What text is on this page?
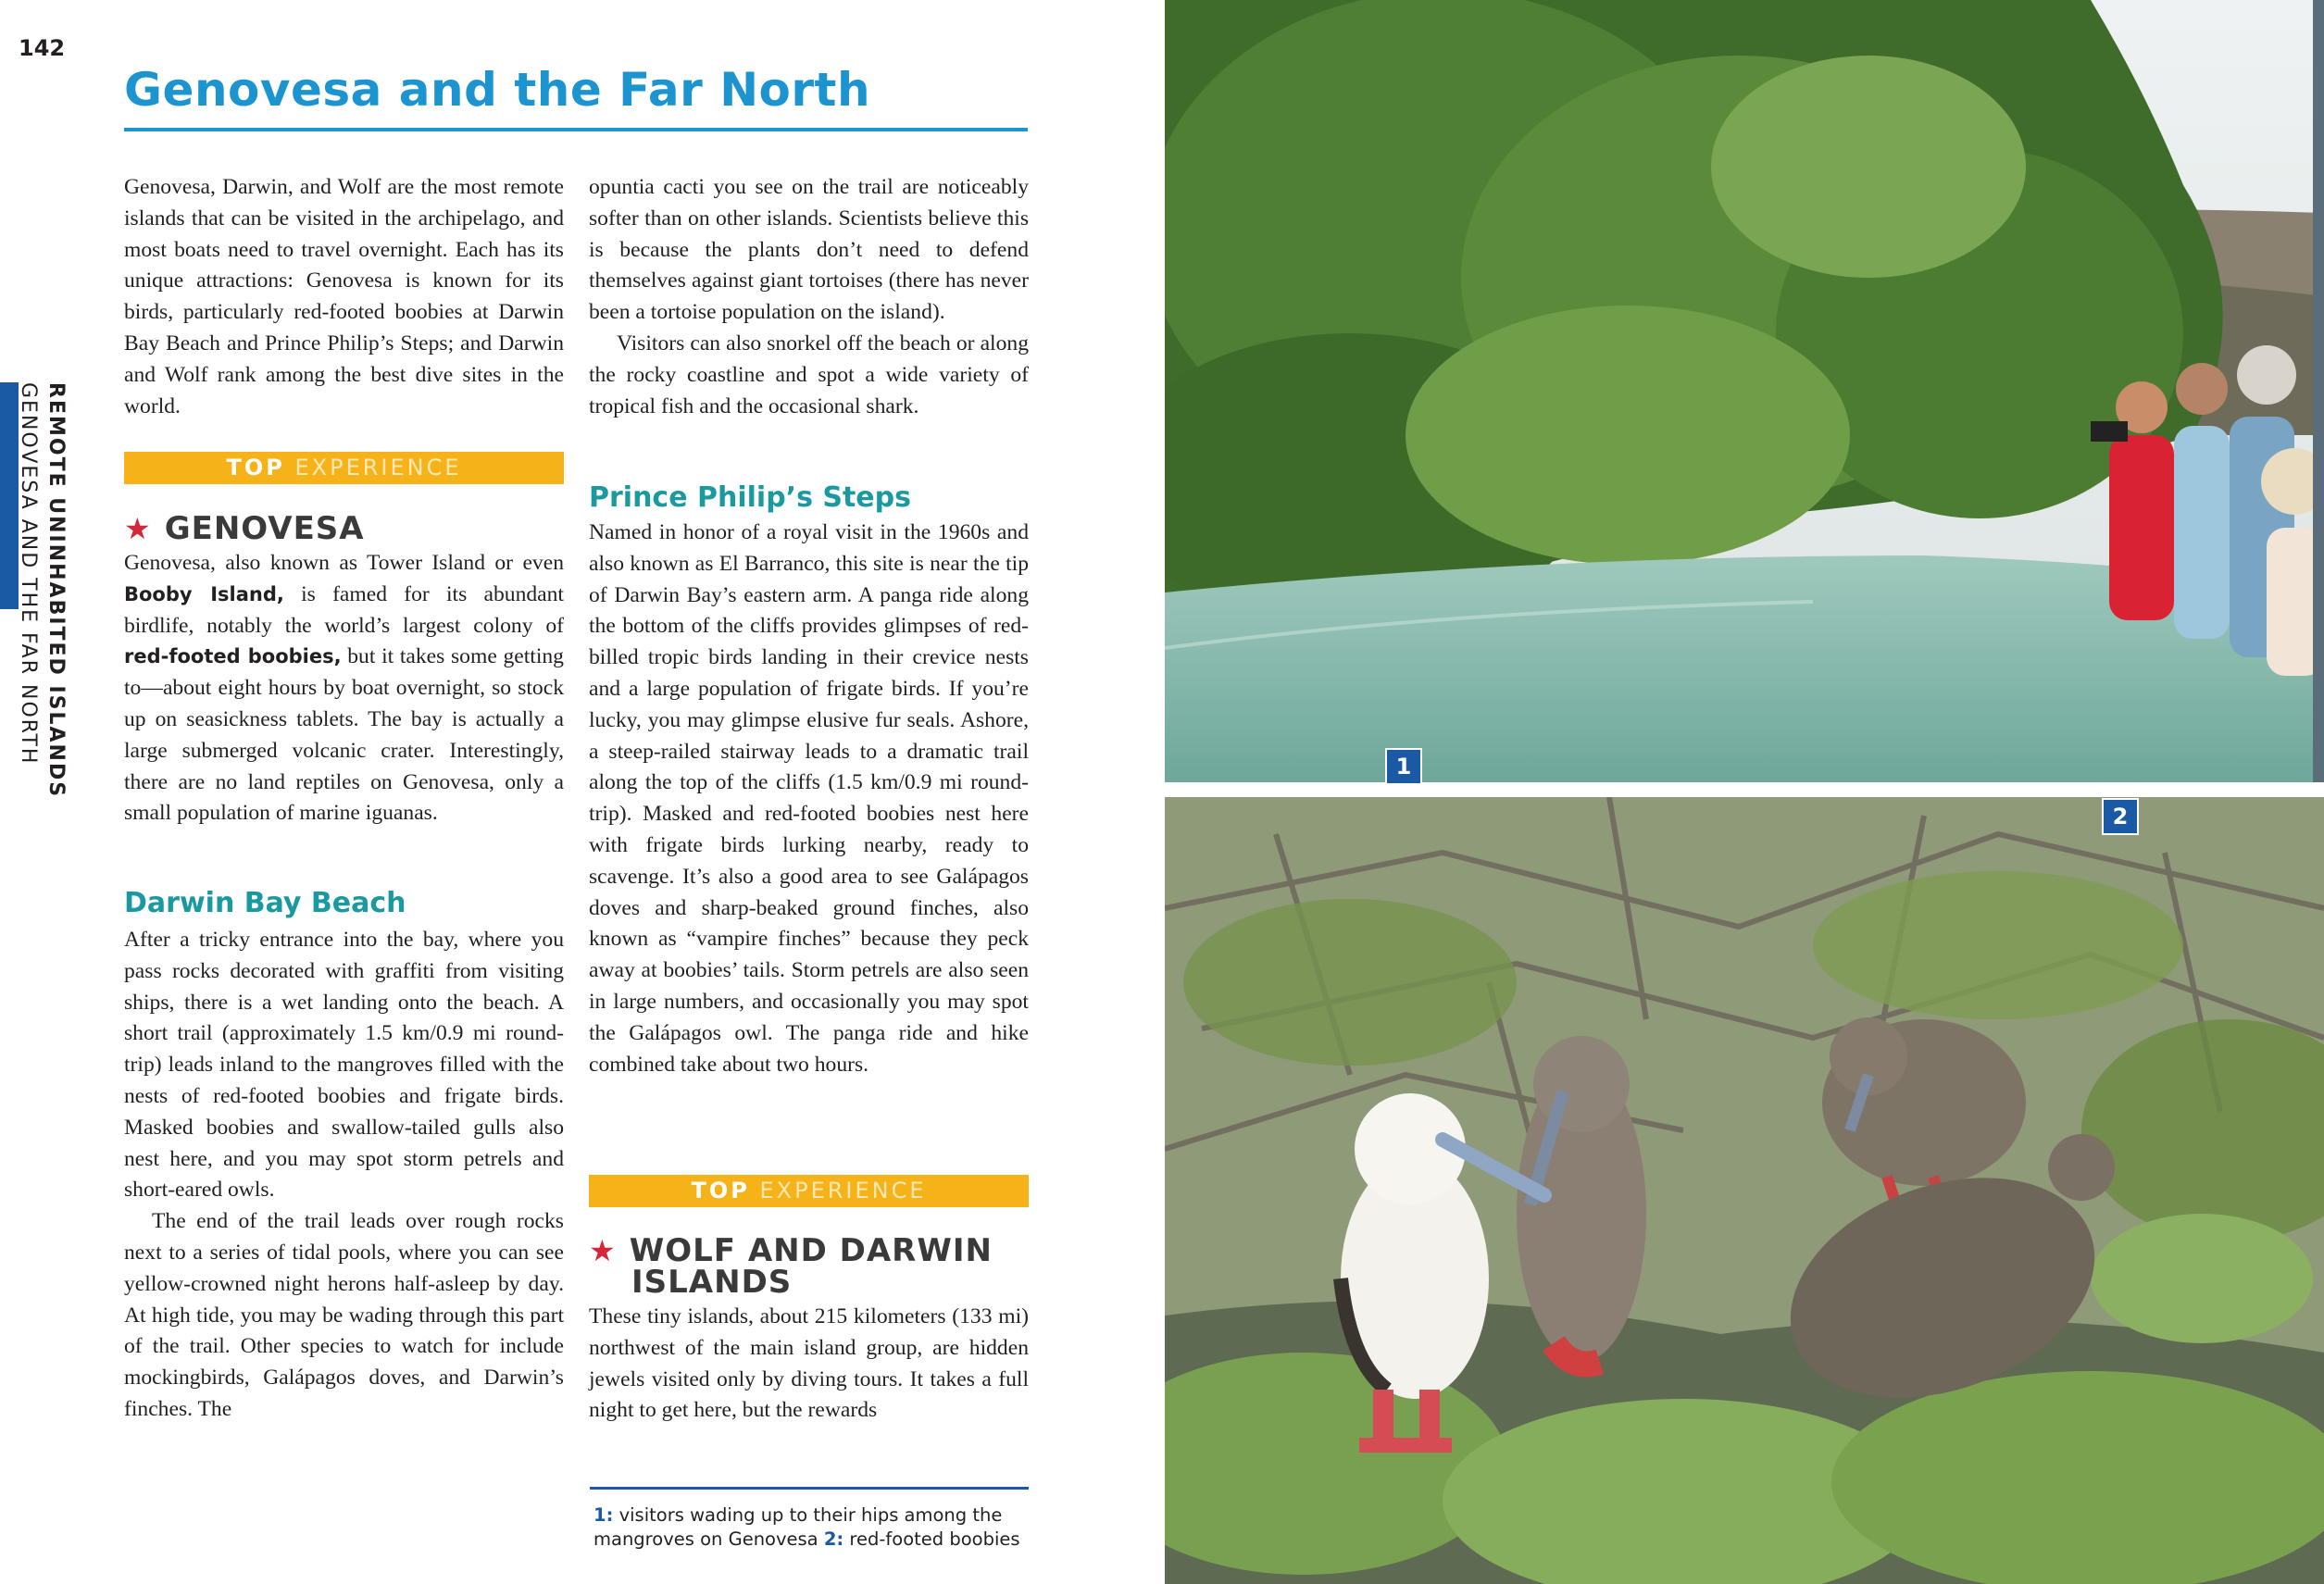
142
Genovesa and the Far North
REMOTE UNINHABITED ISLANDS
GENOVESA AND THE FAR NORTH

Genovesa, Darwin, and Wolf are the most remote islands that can be visited in the archipelago, and most boats need to travel overnight. Each has its unique attractions: Genovesa is known for its birds, particularly red-footed boobies at Darwin Bay Beach and Prince Philip’s Steps; and Darwin and Wolf rank among the best dive sites in the world.

TOP EXPERIENCE
★ GENOVESA

Genovesa, also known as Tower Island or even Booby Island, is famed for its abundant birdlife, notably the world’s largest colony of red-footed boobies, but it takes some getting to—about eight hours by boat overnight, so stock up on seasickness tablets. The bay is actually a large submerged volcanic crater. Interestingly, there are no land reptiles on Genovesa, only a small population of marine iguanas.

Darwin Bay Beach

After a tricky entrance into the bay, where you pass rocks decorated with graffiti from visiting ships, there is a wet landing onto the beach. A short trail (approximately 1.5 km/0.9 mi round-trip) leads inland to the mangroves filled with the nests of red-footed boobies and frigate birds. Masked boobies and swallow-tailed gulls also nest here, and you may spot storm petrels and short-eared owls.

The end of the trail leads over rough rocks next to a series of tidal pools, where you can see yellow-crowned night herons half-asleep by day. At high tide, you may be wading through this part of the trail. Other species to watch for include mockingbirds, Galápagos doves, and Darwin’s finches. The

opuntia cacti you see on the trail are noticeably softer than on other islands. Scientists believe this is because the plants don’t need to defend themselves against giant tortoises (there has never been a tortoise population on the island).

Visitors can also snorkel off the beach or along the rocky coastline and spot a wide variety of tropical fish and the occasional shark.

Prince Philip’s Steps

Named in honor of a royal visit in the 1960s and also known as El Barranco, this site is near the tip of Darwin Bay’s eastern arm. A panga ride along the bottom of the cliffs provides glimpses of red-billed tropic birds landing in their crevice nests and a large population of frigate birds. If you’re lucky, you may glimpse elusive fur seals. Ashore, a steep-railed stairway leads to a dramatic trail along the top of the cliffs (1.5 km/0.9 mi round-trip). Masked and red-footed boobies nest here with frigate birds lurking nearby, ready to scavenge. It’s also a good area to see Galápagos doves and sharp-beaked ground finches, also known as “vampire finches” because they peck away at boobies’ tails. Storm petrels are also seen in large numbers, and occasionally you may spot the Galápagos owl. The panga ride and hike combined take about two hours.

TOP EXPERIENCE
★ WOLF AND DARWIN
ISLANDS

These tiny islands, about 215 kilometers (133 mi) northwest of the main island group, are hidden jewels visited only by diving tours. It takes a full night to get here, but the rewards

1: visitors wading up to their hips among the mangroves on Genovesa 2: red-footed boobies
1
2
